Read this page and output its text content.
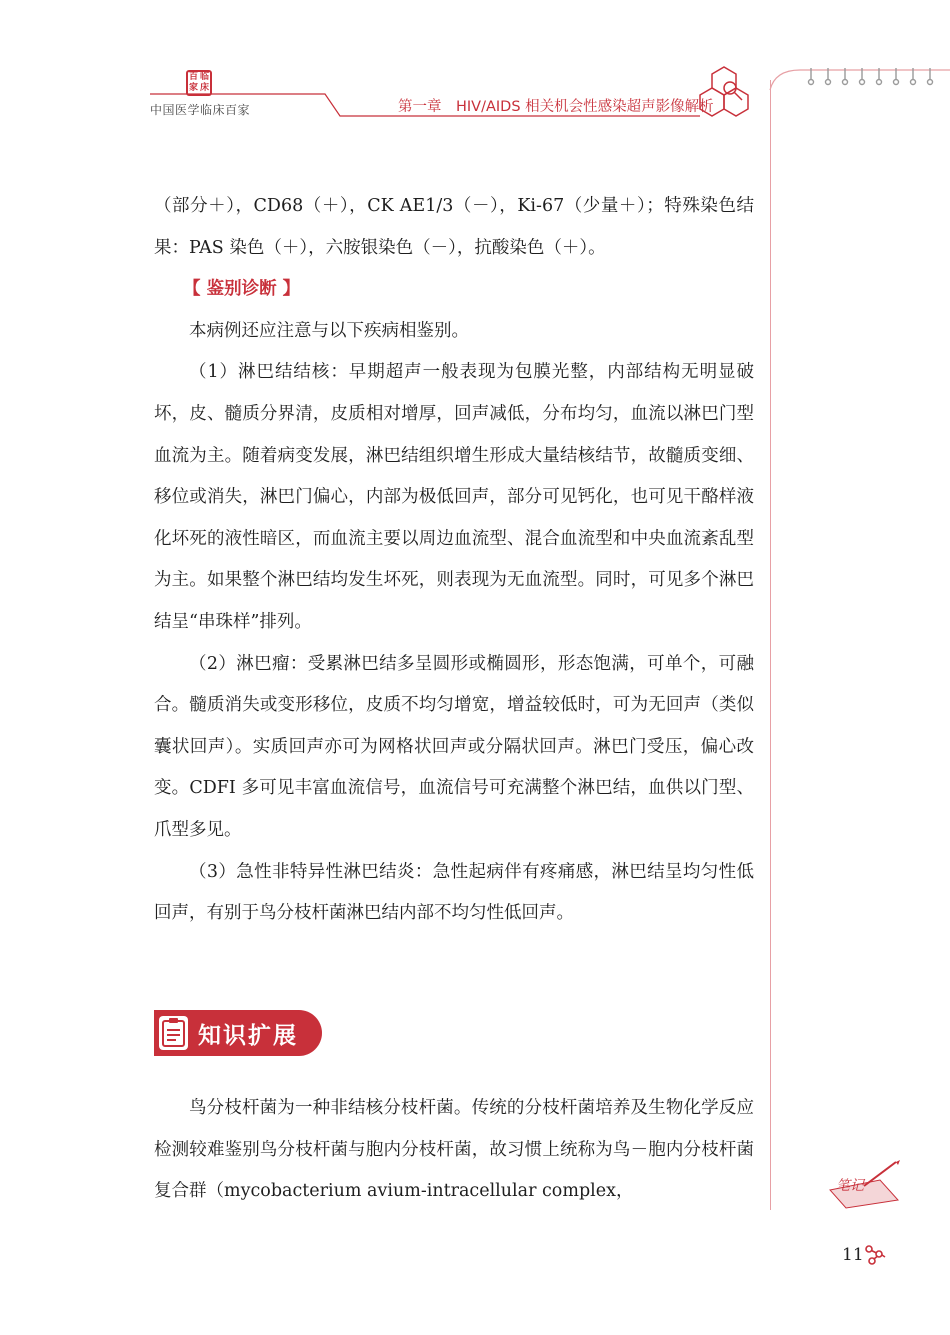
百 临
家 床
中国医学临床百家	第一章　HIV/AIDS 相关机会性感染超声影像解析

（部分＋），CD68（＋），CK AE1/3（－），Ki-67（少量＋）；特殊染色结果：PAS 染色（＋），六胺银染色（－），抗酸染色（＋）。

【 鉴别诊断 】

本病例还应注意与以下疾病相鉴别。

（1）淋巴结结核：早期超声一般表现为包膜光整，内部结构无明显破坏，皮、髓质分界清，皮质相对增厚，回声减低，分布均匀，血流以淋巴门型血流为主。随着病变发展，淋巴结组织增生形成大量结核结节，故髓质变细、移位或消失，淋巴门偏心，内部为极低回声，部分可见钙化，也可见干酪样液化坏死的液性暗区，而血流主要以周边血流型、混合血流型和中央血流紊乱型为主。如果整个淋巴结均发生坏死，则表现为无血流型。同时，可见多个淋巴结呈“串珠样”排列。

（2）淋巴瘤：受累淋巴结多呈圆形或椭圆形，形态饱满，可单个，可融合。髓质消失或变形移位，皮质不均匀增宽，增益较低时，可为无回声（类似囊状回声）。实质回声亦可为网格状回声或分隔状回声。淋巴门受压，偏心改变。CDFI 多可见丰富血流信号，血流信号可充满整个淋巴结，血供以门型、爪型多见。

（3）急性非特异性淋巴结炎：急性起病伴有疼痛感，淋巴结呈均匀性低回声，有别于鸟分枝杆菌淋巴结内部不均匀性低回声。

知识扩展

鸟分枝杆菌为一种非结核分枝杆菌。传统的分枝杆菌培养及生物化学反应检测较难鉴别鸟分枝杆菌与胞内分枝杆菌，故习惯上统称为鸟－胞内分枝杆菌复合群（mycobacterium avium-intracellular complex，	笔记
11
